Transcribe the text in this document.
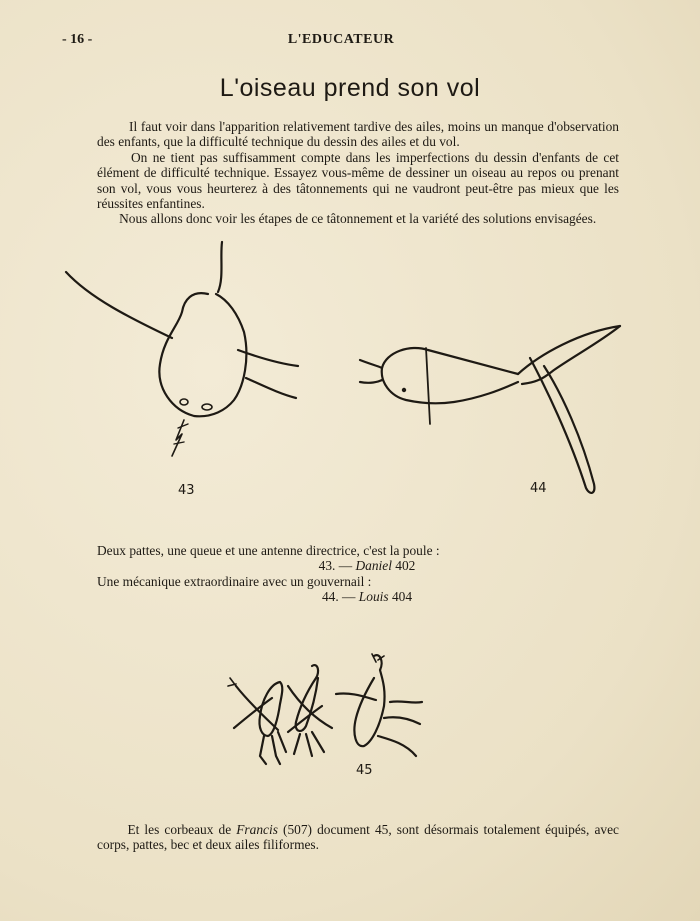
- 16 -	L'EDUCATEUR
L'oiseau prend son vol

Il faut voir dans l'apparition relativement tardive des ailes, moins un manque d'observation des enfants, que la difficulté technique du dessin des ailes et du vol.

On ne tient pas suffisamment compte dans les imperfections du dessin d'enfants de cet élément de difficulté technique. Essayez vous-même de dessiner un oiseau au repos ou prenant son vol, vous vous heurterez à des tâtonnements qui ne vaudront peut-être pas mieux que les réussites enfantines.

Nous allons donc voir les étapes de ce tâtonnement et la variété des solutions envisagées.

43	44

Deux pattes, une queue et une antenne directrice, c'est la poule :

43. — Daniel 402

Une mécanique extraordinaire avec un gouvernail :

44. — Louis 404

45

Et les corbeaux de Francis (507) document 45, sont désormais totalement équipés, avec corps, pattes, bec et deux ailes filiformes.
